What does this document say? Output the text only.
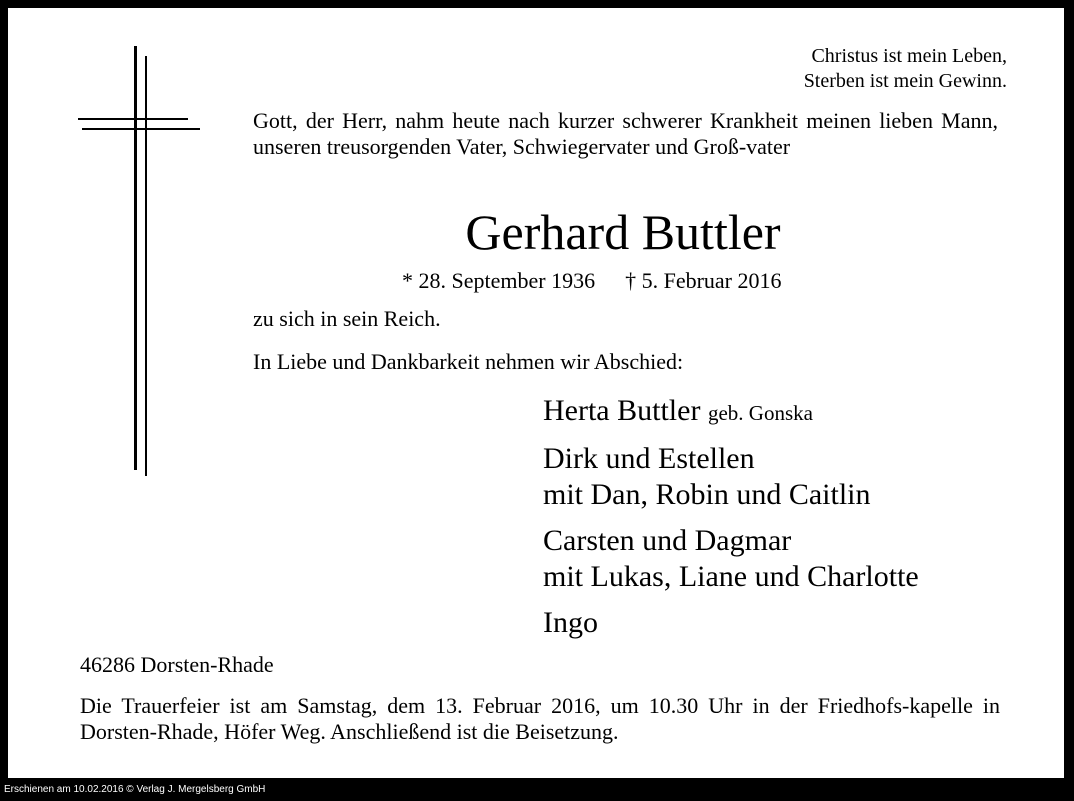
Christus ist mein Leben,
Sterben ist mein Gewinn.
Gott, der Herr, nahm heute nach kurzer schwerer Krankheit meinen lieben Mann, unseren treusorgenden Vater, Schwiegervater und Groß-vater
Gerhard Buttler
* 28. September 1936 † 5. Februar 2016
zu sich in sein Reich.
In Liebe und Dankbarkeit nehmen wir Abschied:
Herta Buttler geb. Gonska
Dirk und Estellen
mit Dan, Robin und Caitlin
Carsten und Dagmar
mit Lukas, Liane und Charlotte
Ingo
46286 Dorsten-Rhade
Die Trauerfeier ist am Samstag, dem 13. Februar 2016, um 10.30 Uhr in der Friedhofs-kapelle in Dorsten-Rhade, Höfer Weg. Anschließend ist die Beisetzung.
Erschienen am 10.02.2016 © Verlag J. Mergelsberg GmbH
